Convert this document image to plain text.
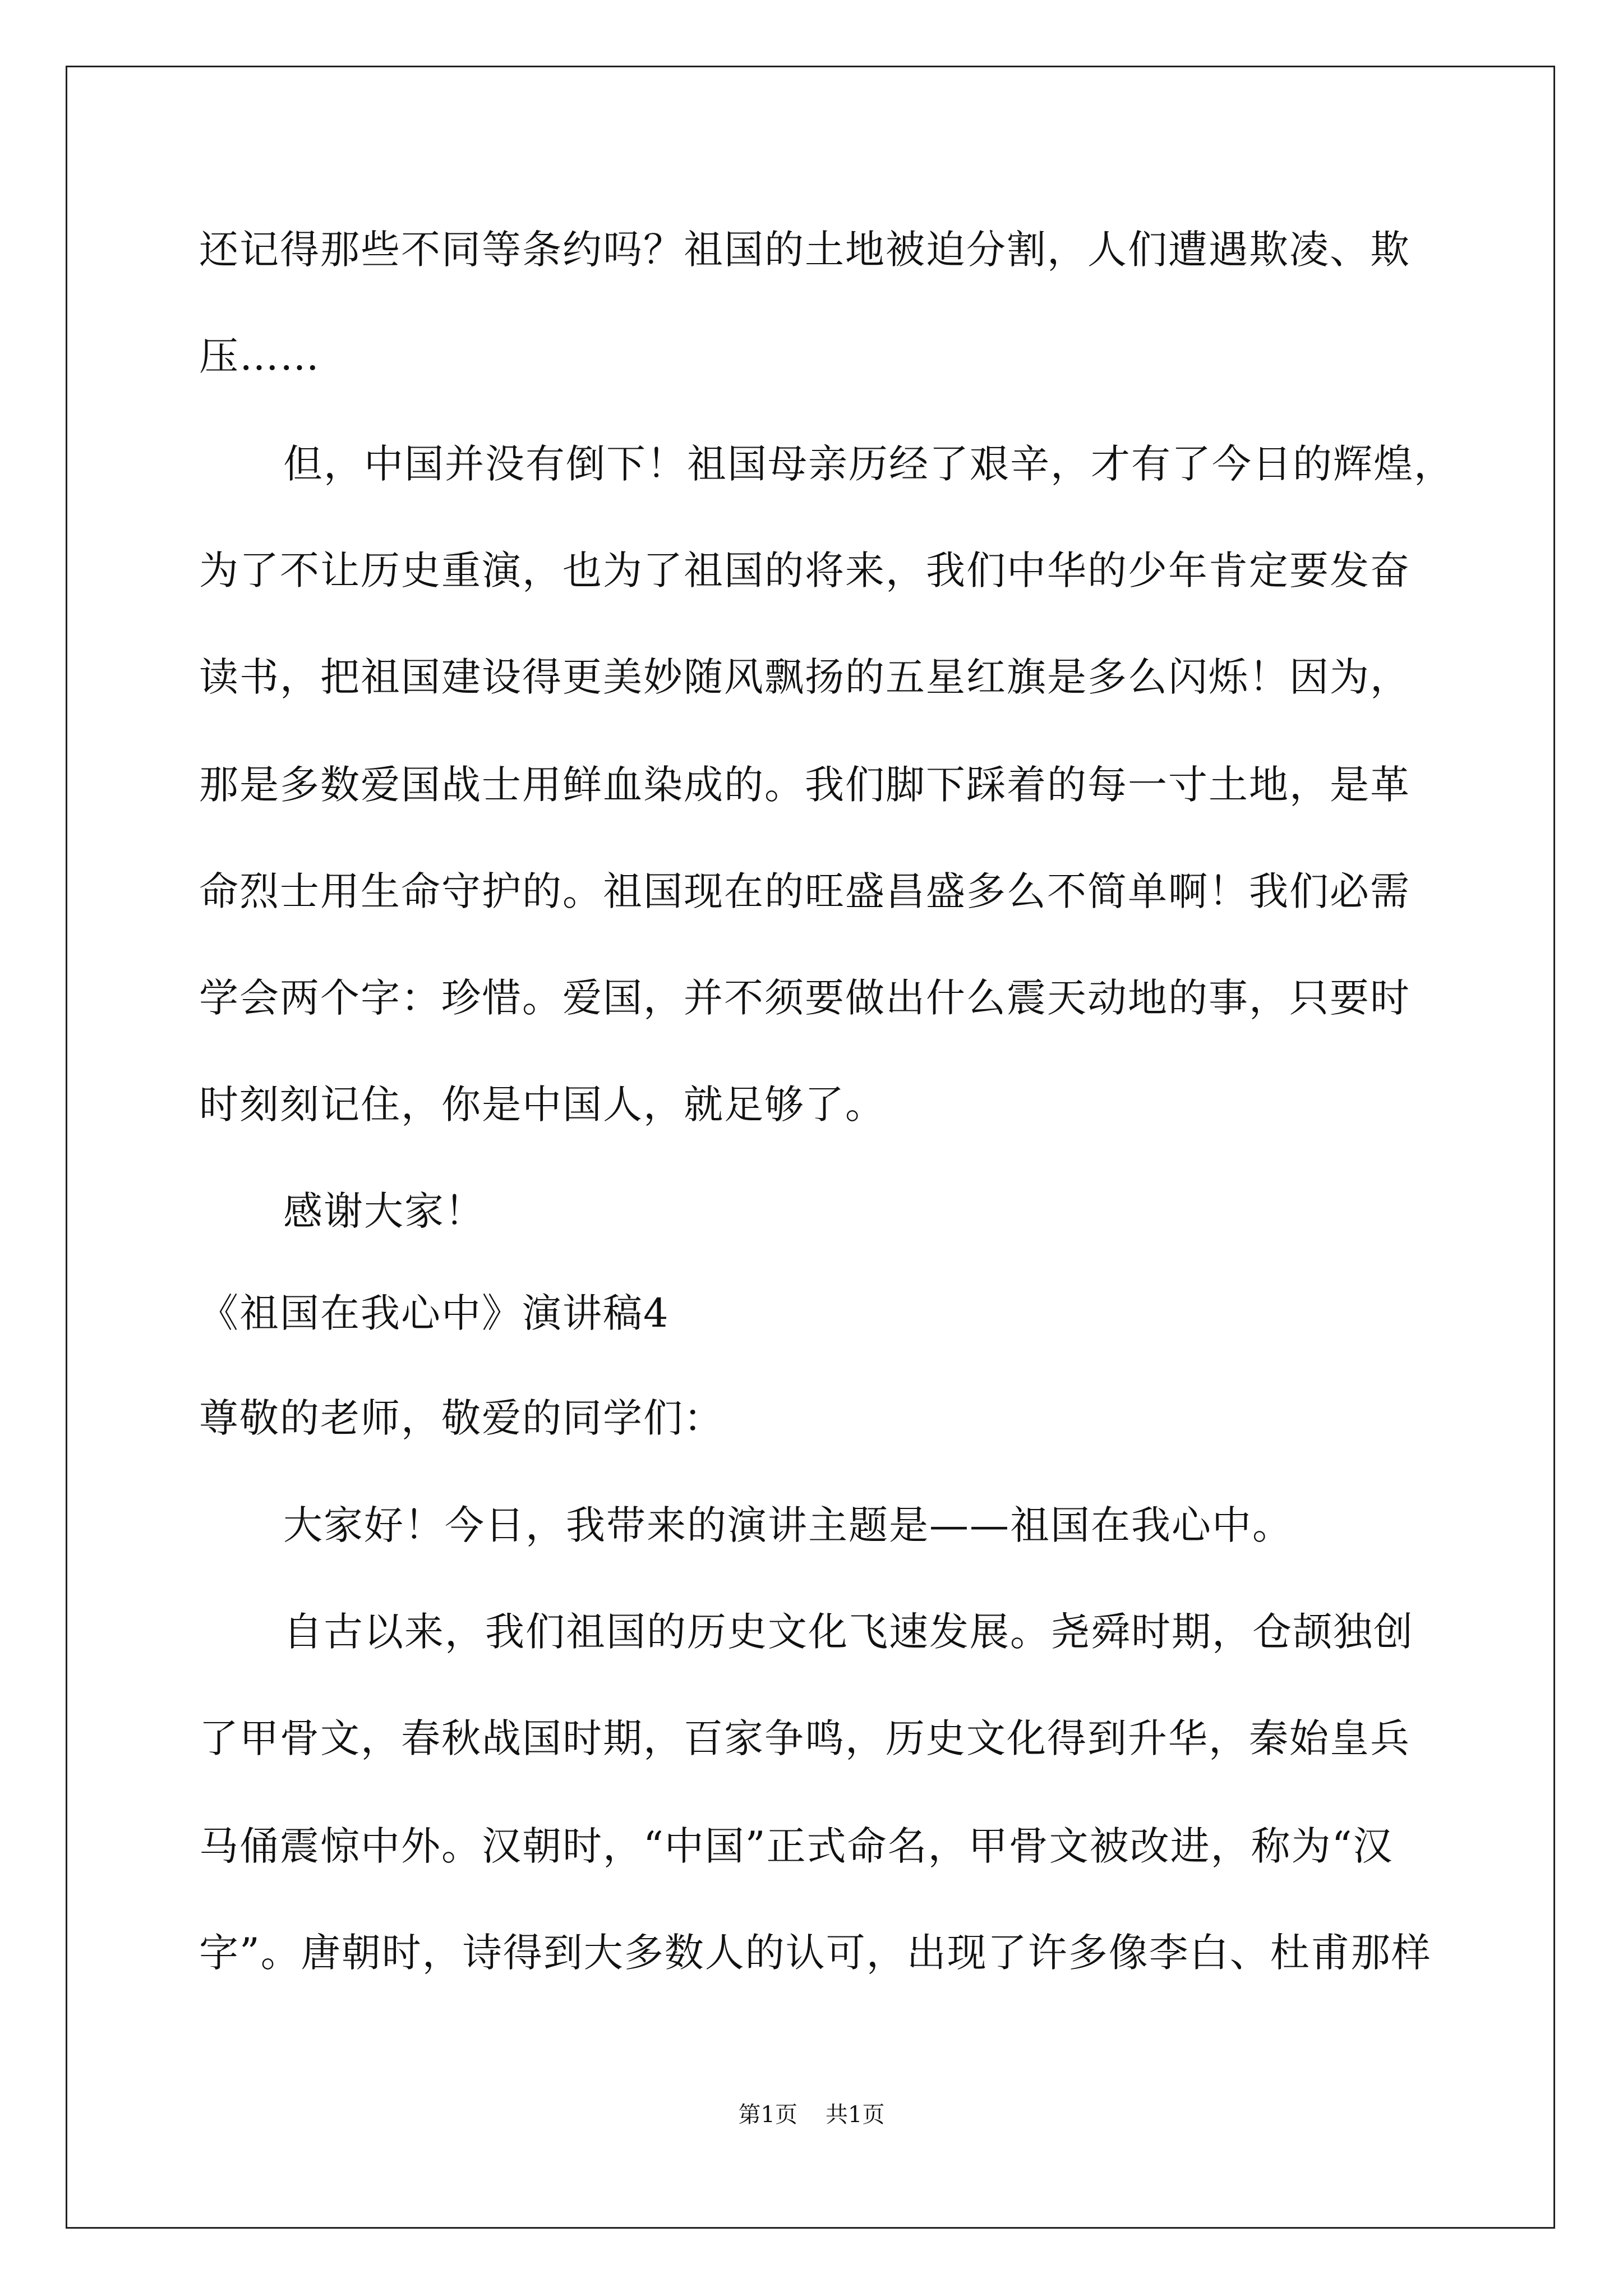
还记得那些不同等条约吗？祖国的土地被迫分割，人们遭遇欺凌、欺
压……
但，中国并没有倒下！祖国母亲历经了艰辛，才有了今日的辉煌，
为了不让历史重演，也为了祖国的将来，我们中华的少年肯定要发奋
读书，把祖国建设得更美妙随风飘扬的五星红旗是多么闪烁！因为，
那是多数爱国战士用鲜血染成的。我们脚下踩着的每一寸土地，是革
命烈士用生命守护的。祖国现在的旺盛昌盛多么不简单啊！我们必需
学会两个字：珍惜。爱国，并不须要做出什么震天动地的事，只要时
时刻刻记住，你是中国人，就足够了。
感谢大家！
《祖国在我心中》演讲稿4
尊敬的老师，敬爱的同学们：
大家好！今日，我带来的演讲主题是——祖国在我心中。
自古以来，我们祖国的历史文化飞速发展。尧舜时期，仓颉独创
了甲骨文，春秋战国时期，百家争鸣，历史文化得到升华，秦始皇兵
马俑震惊中外。汉朝时，“中国”正式命名，甲骨文被改进，称为“汉
字”。唐朝时，诗得到大多数人的认可，出现了许多像李白、杜甫那样
第1页 共1页
